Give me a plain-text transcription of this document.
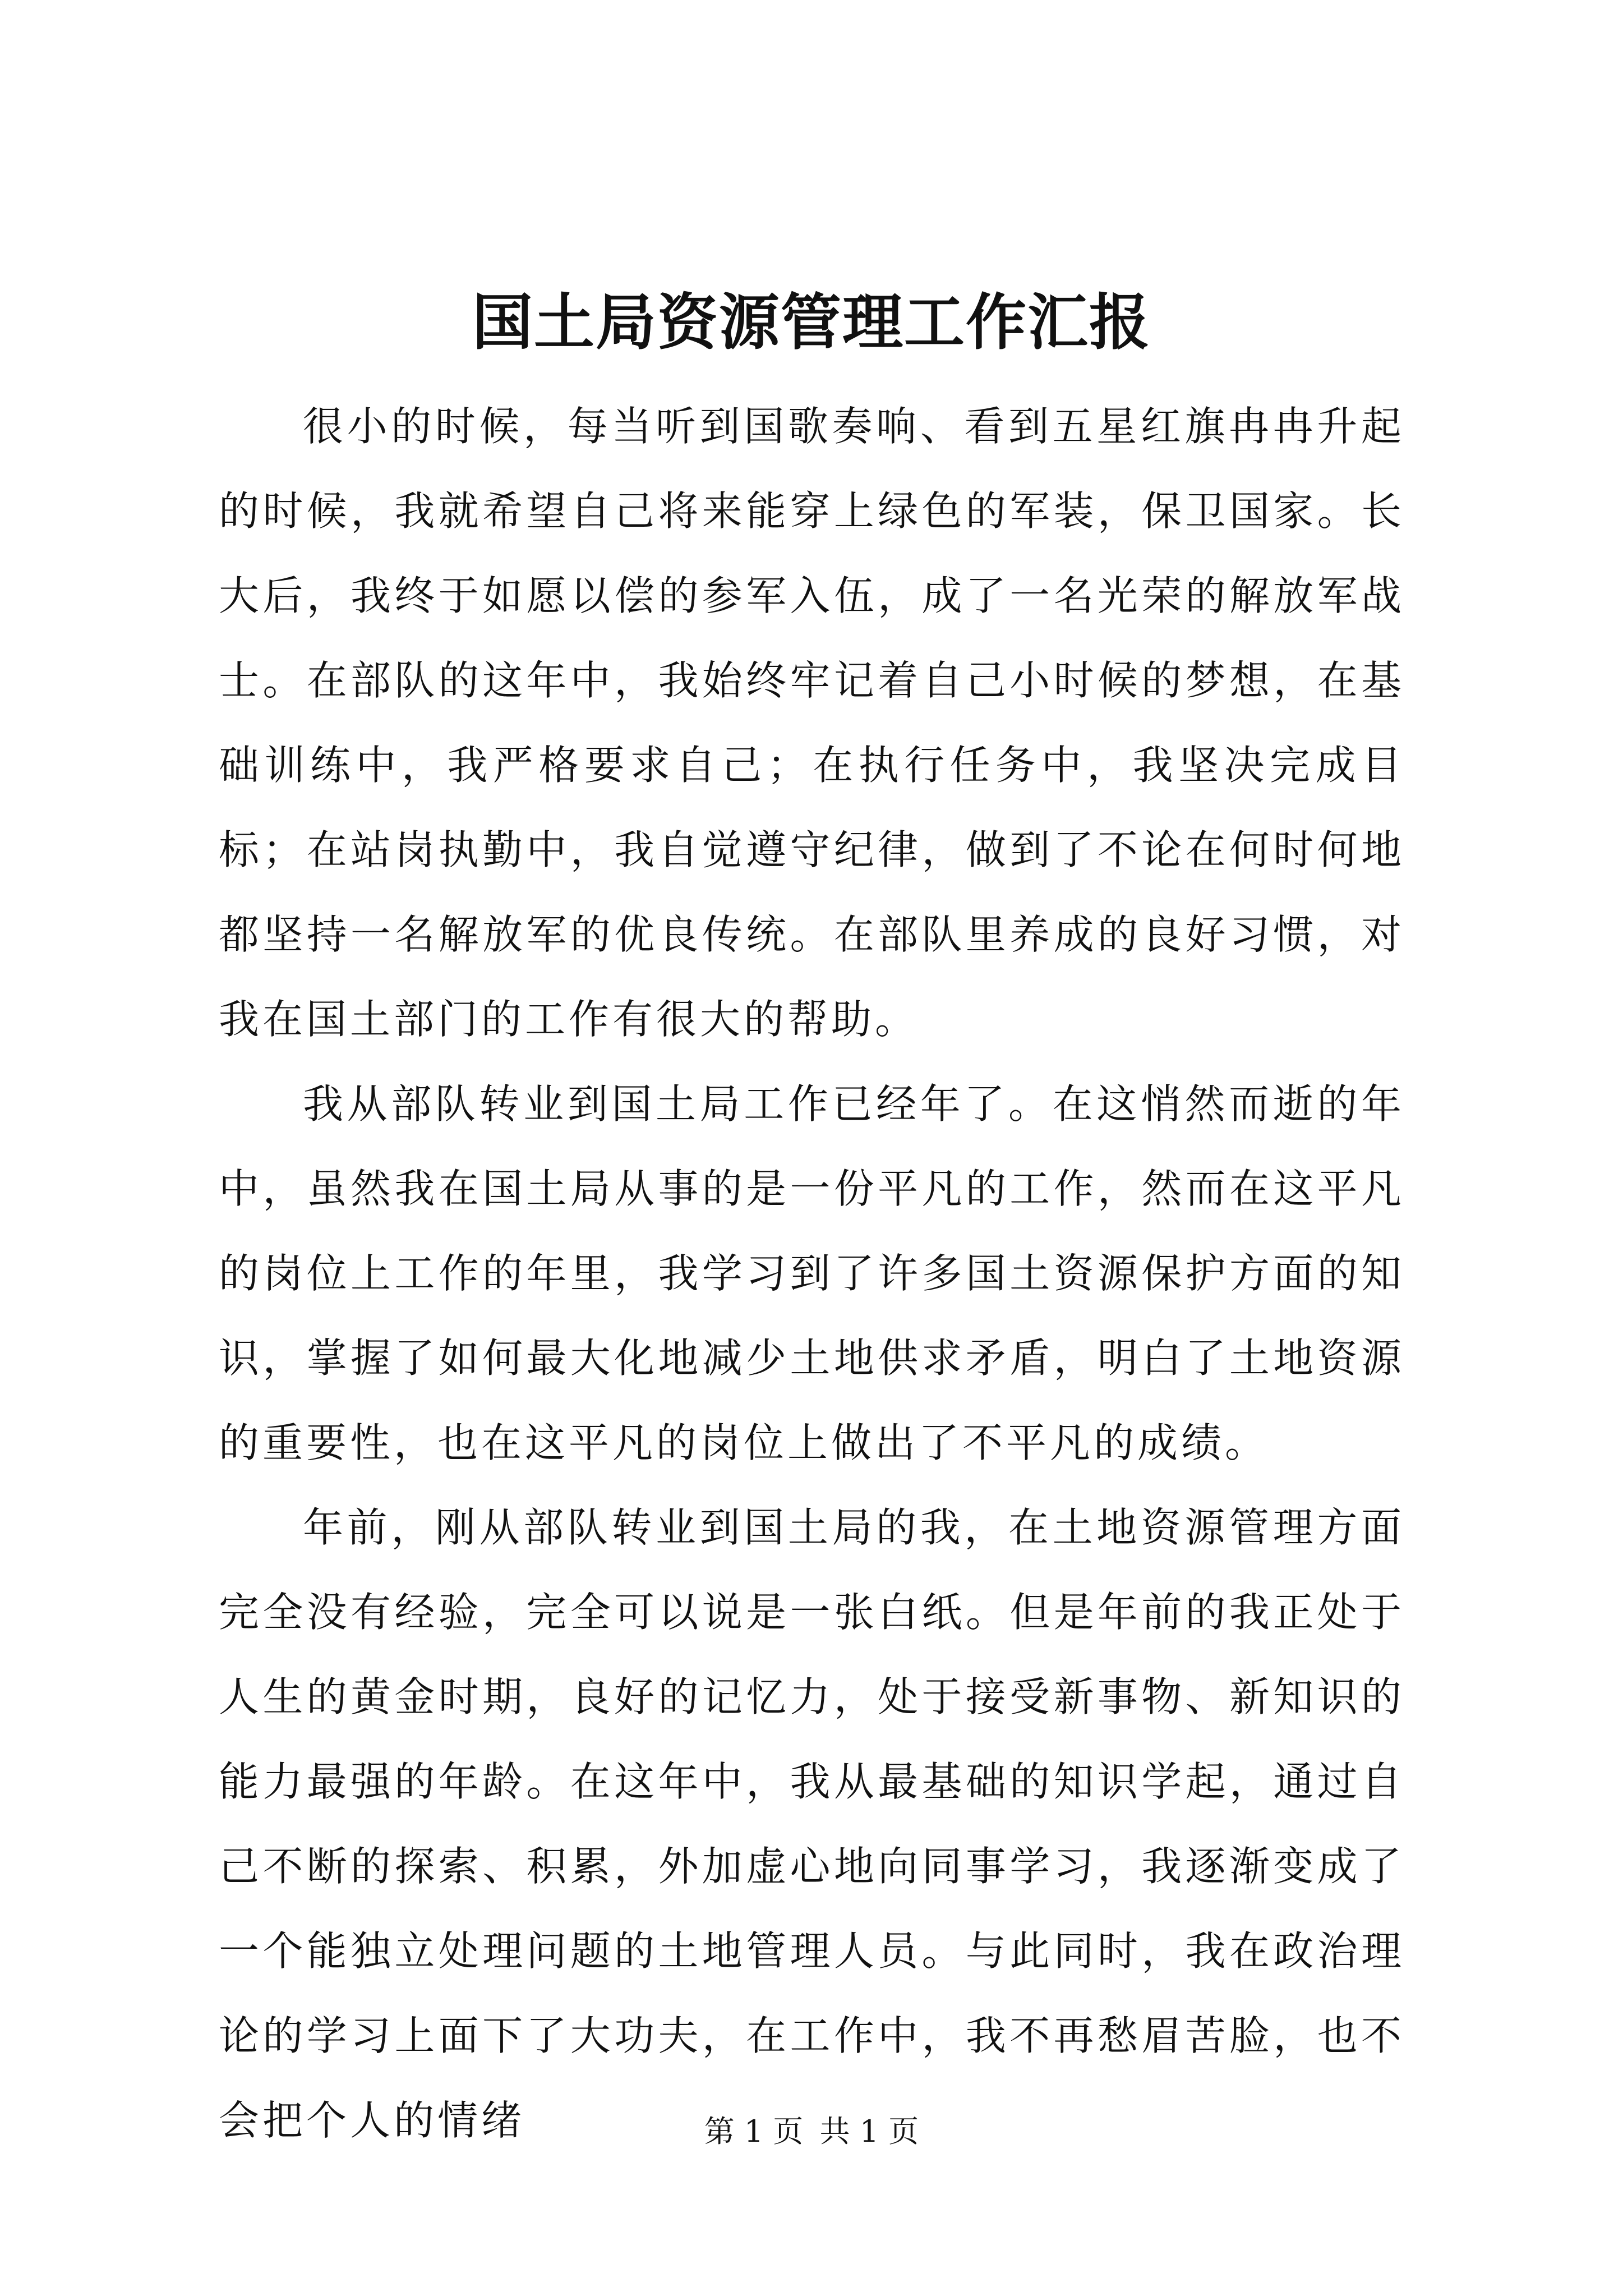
国土局资源管理工作汇报

很小的时候，每当听到国歌奏响、看到五星红旗冉冉升起的时候，我就希望自己将来能穿上绿色的军装，保卫国家。长大后，我终于如愿以偿的参军入伍，成了一名光荣的解放军战士。在部队的这年中，我始终牢记着自己小时候的梦想，在基础训练中，我严格要求自己；在执行任务中，我坚决完成目标；在站岗执勤中，我自觉遵守纪律，做到了不论在何时何地都坚持一名解放军的优良传统。在部队里养成的良好习惯，对我在国土部门的工作有很大的帮助。

我从部队转业到国土局工作已经年了。在这悄然而逝的年中，虽然我在国土局从事的是一份平凡的工作，然而在这平凡的岗位上工作的年里，我学习到了许多国土资源保护方面的知识，掌握了如何最大化地减少土地供求矛盾，明白了土地资源的重要性，也在这平凡的岗位上做出了不平凡的成绩。

年前，刚从部队转业到国土局的我，在土地资源管理方面完全没有经验，完全可以说是一张白纸。但是年前的我正处于人生的黄金时期，良好的记忆力，处于接受新事物、新知识的能力最强的年龄。在这年中，我从最基础的知识学起，通过自己不断的探索、积累，外加虚心地向同事学习，我逐渐变成了一个能独立处理问题的土地管理人员。与此同时，我在政治理论的学习上面下了大功夫，在工作中，我不再愁眉苦脸，也不会把个人的情绪	第 1 页 共 1 页
